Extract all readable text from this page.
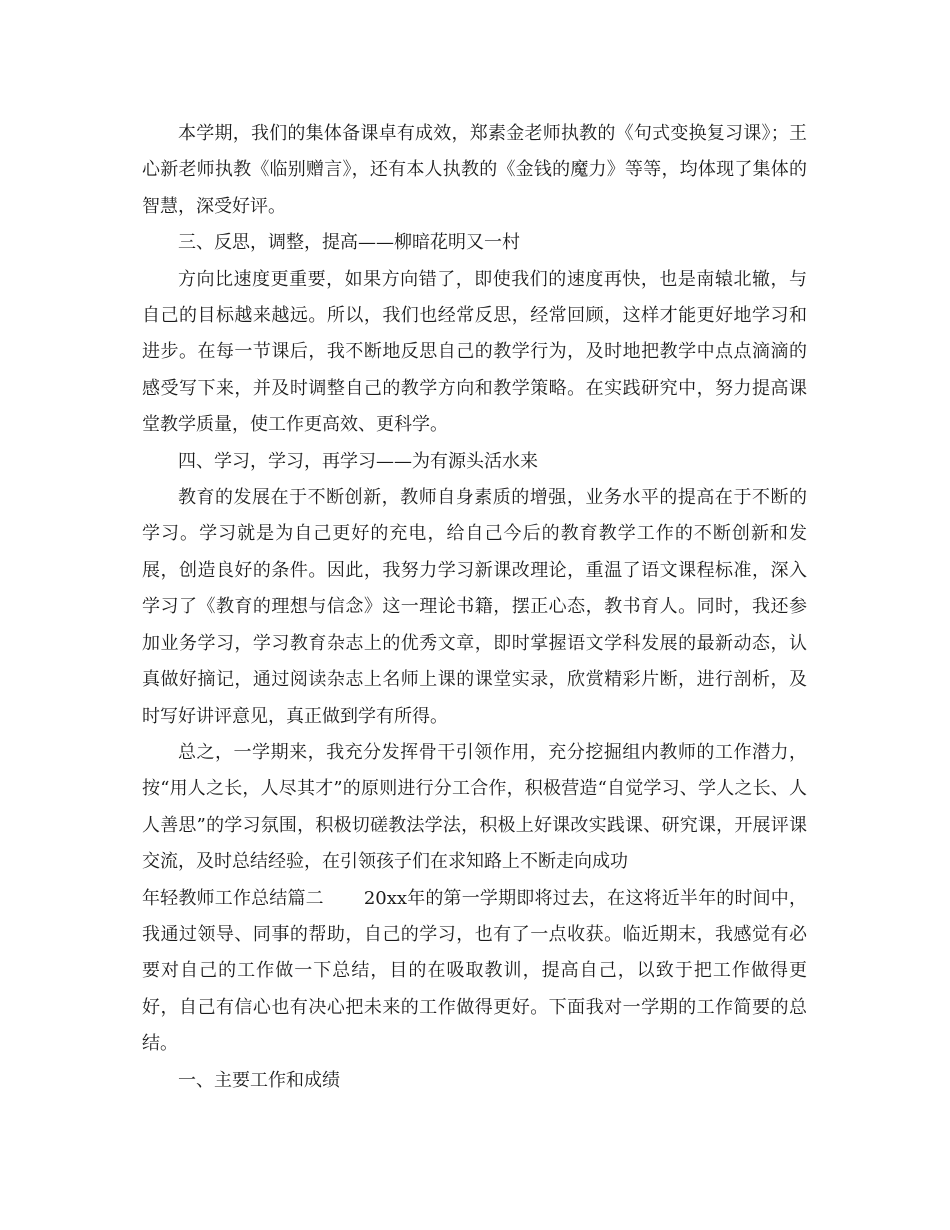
本学期，我们的集体备课卓有成效，郑素金老师执教的《句式变换复习课》；王心新老师执教《临别赠言》，还有本人执教的《金钱的魔力》等等，均体现了集体的智慧，深受好评。

三、反思，调整，提高——柳暗花明又一村

方向比速度更重要，如果方向错了，即使我们的速度再快，也是南辕北辙，与自己的目标越来越远。所以，我们也经常反思，经常回顾，这样才能更好地学习和进步。在每一节课后，我不断地反思自己的教学行为，及时地把教学中点点滴滴的感受写下来，并及时调整自己的教学方向和教学策略。在实践研究中，努力提高课堂教学质量，使工作更高效、更科学。

四、学习，学习，再学习——为有源头活水来

教育的发展在于不断创新，教师自身素质的增强，业务水平的提高在于不断的学习。学习就是为自己更好的充电，给自己今后的教育教学工作的不断创新和发展，创造良好的条件。因此，我努力学习新课改理论，重温了语文课程标准，深入学习了《教育的理想与信念》这一理论书籍，摆正心态，教书育人。同时，我还参加业务学习，学习教育杂志上的优秀文章，即时掌握语文学科发展的最新动态，认真做好摘记，通过阅读杂志上名师上课的课堂实录，欣赏精彩片断，进行剖析，及时写好讲评意见，真正做到学有所得。

总之，一学期来，我充分发挥骨干引领作用，充分挖掘组内教师的工作潜力，按“用人之长，人尽其才”的原则进行分工合作，积极营造“自觉学习、学人之长、人人善思”的学习氛围，积极切磋教法学法，积极上好课改实践课、研究课，开展评课交流，及时总结经验，在引领孩子们在求知路上不断走向成功

年轻教师工作总结篇二 20xx年的第一学期即将过去，在这将近半年的时间中，我通过领导、同事的帮助，自己的学习，也有了一点收获。临近期末，我感觉有必要对自己的工作做一下总结，目的在吸取教训，提高自己，以致于把工作做得更好，自己有信心也有决心把未来的工作做得更好。下面我对一学期的工作简要的总结。

一、主要工作和成绩
